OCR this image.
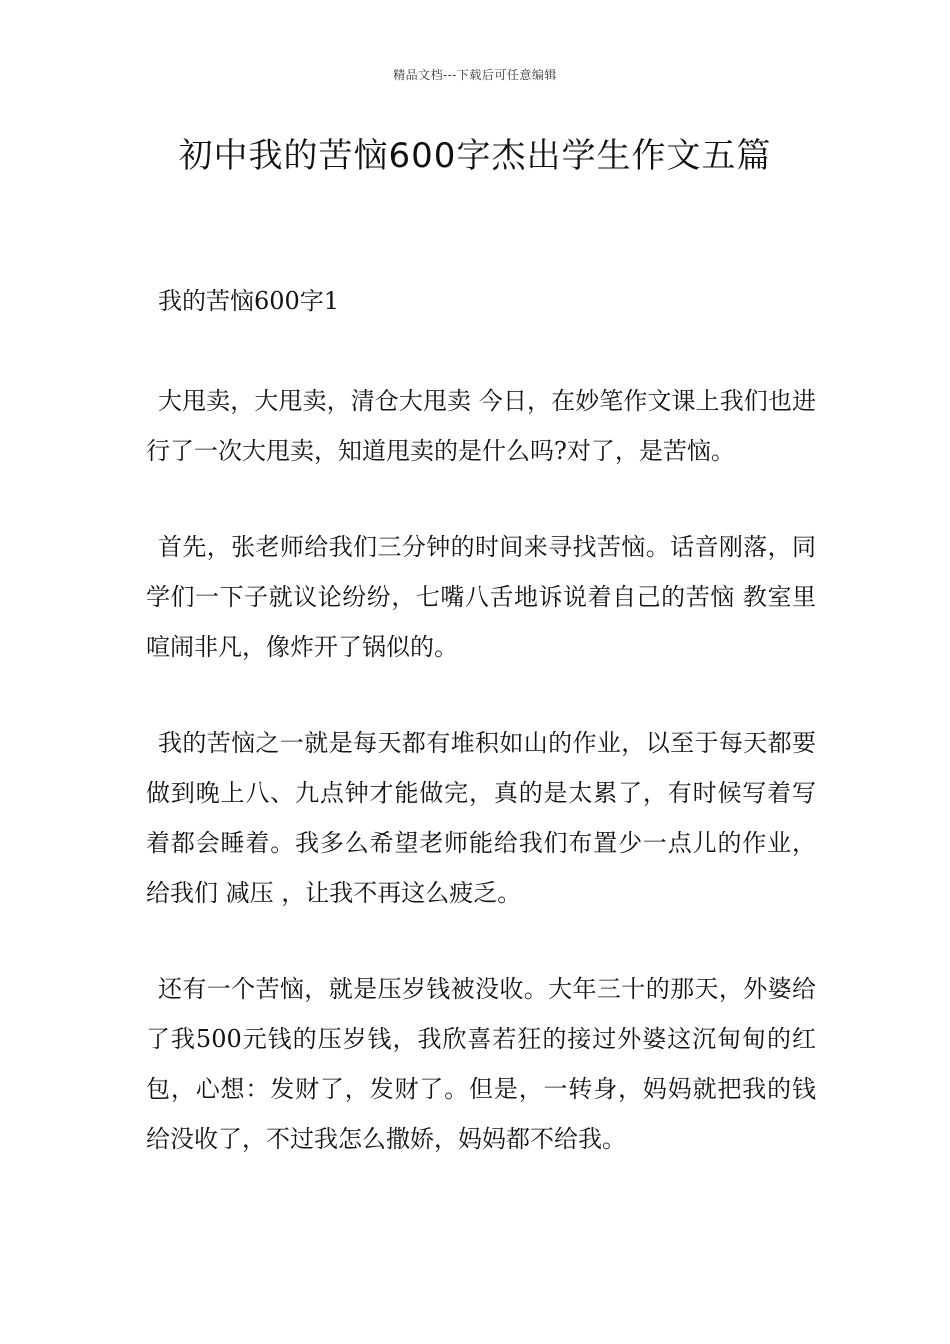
精品文档---下载后可任意编辑
初中我的苦恼600字杰出学生作文五篇
我的苦恼600字1

大甩卖，大甩卖，清仓大甩卖 今日，在妙笔作文课上我们也进行了一次大甩卖，知道甩卖的是什么吗?对了，是苦恼。

首先，张老师给我们三分钟的时间来寻找苦恼。话音刚落，同学们一下子就议论纷纷，七嘴八舌地诉说着自己的苦恼 教室里喧闹非凡，像炸开了锅似的。

我的苦恼之一就是每天都有堆积如山的作业，以至于每天都要做到晚上八、九点钟才能做完，真的是太累了，有时候写着写着都会睡着。我多么希望老师能给我们布置少一点儿的作业，给我们 减压 ，让我不再这么疲乏。

还有一个苦恼，就是压岁钱被没收。大年三十的那天，外婆给了我500元钱的压岁钱，我欣喜若狂的接过外婆这沉甸甸的红包，心想：发财了，发财了。但是，一转身，妈妈就把我的钱给没收了，不过我怎么撒娇，妈妈都不给我。
